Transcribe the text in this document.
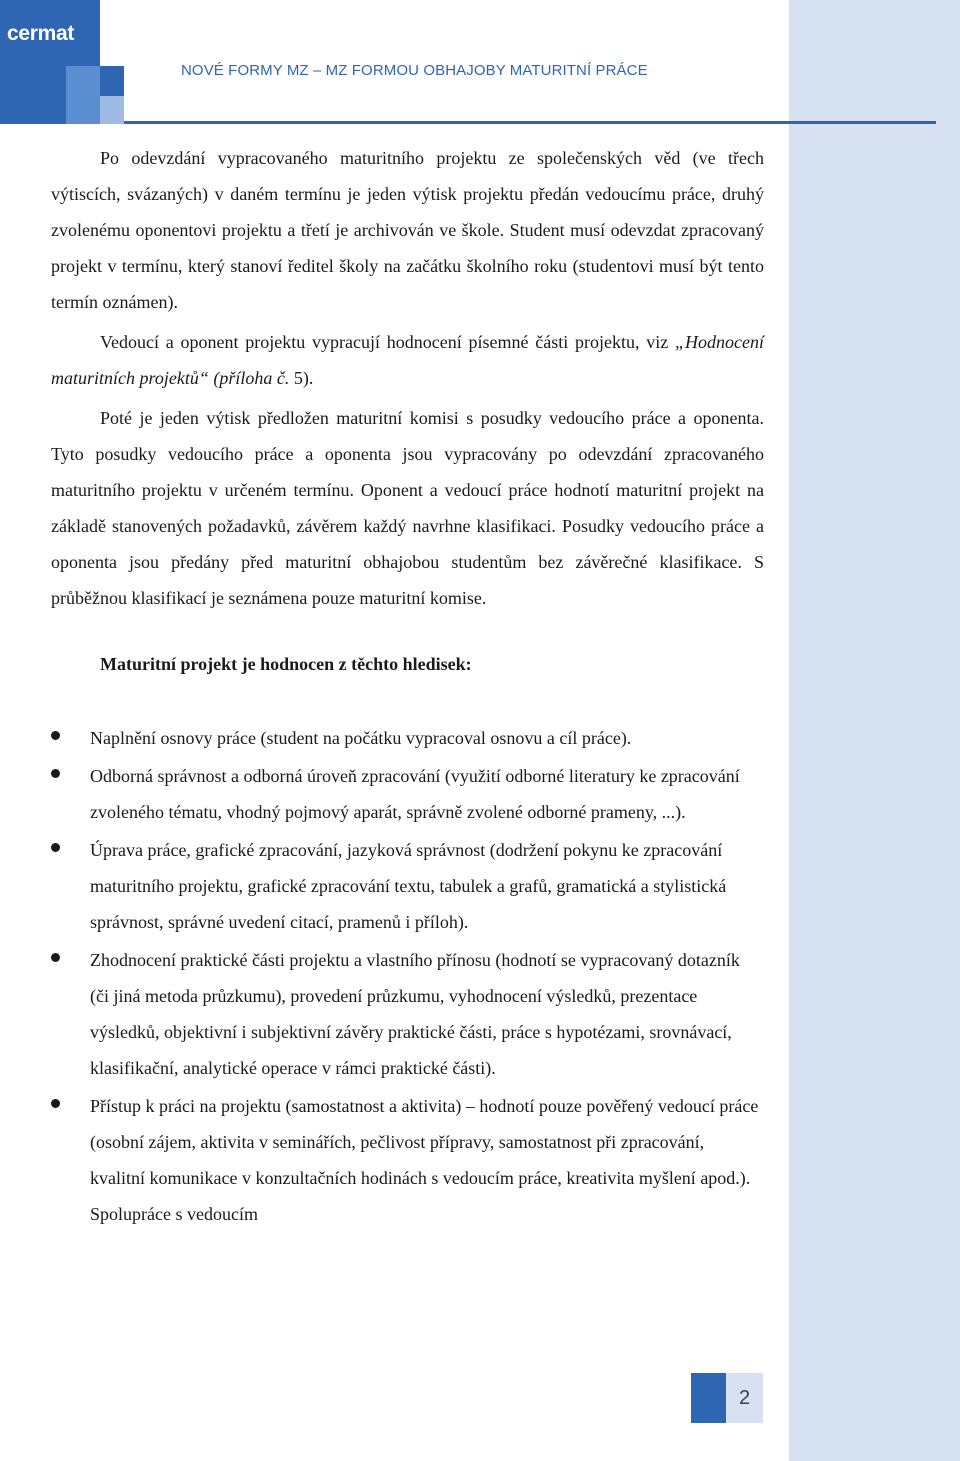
cermat
NOVÉ FORMY MZ – MZ FORMOU OBHAJOBY MATURITNÍ PRÁCE

Po odevzdání vypracovaného maturitního projektu ze společenských věd (ve třech výtiscích, svázaných) v daném termínu je jeden výtisk projektu předán vedoucímu práce, druhý zvolenému oponentovi projektu a třetí je archivován ve škole. Student musí odevzdat zpracovaný projekt v termínu, který stanoví ředitel školy na začátku školního roku (studentovi musí být tento termín oznámen).

Vedoucí a oponent projektu vypracují hodnocení písemné části projektu, viz „Hodnocení maturitních projektů“ (příloha č. 5).

Poté je jeden výtisk předložen maturitní komisi s posudky vedoucího práce a oponenta. Tyto posudky vedoucího práce a oponenta jsou vypracovány po odevzdání zpracovaného maturitního projektu v určeném termínu. Oponent a vedoucí práce hodnotí maturitní projekt na základě stanovených požadavků, závěrem každý navrhne klasifikaci. Posudky vedoucího práce a oponenta jsou předány před maturitní obhajobou studentům bez závěrečné klasifikace. S průběžnou klasifikací je seznámena pouze maturitní komise.

Maturitní projekt je hodnocen z těchto hledisek:

Naplnění osnovy práce (student na počátku vypracoval osnovu a cíl práce).
Odborná správnost a odborná úroveň zpracování (využití odborné literatury ke zpracování zvoleného tématu, vhodný pojmový aparát, správně zvolené odborné prameny, ...).
Úprava práce, grafické zpracování, jazyková správnost (dodržení pokynu ke zpracování maturitního projektu, grafické zpracování textu, tabulek a grafů, gramatická a stylistická správnost, správné uvedení citací, pramenů i příloh).
Zhodnocení praktické části projektu a vlastního přínosu (hodnotí se vypracovaný dotazník (či jiná metoda průzkumu), provedení průzkumu, vyhodnocení výsledků, prezentace výsledků, objektivní i subjektivní závěry praktické části, práce s hypotézami, srovnávací, klasifikační, analytické operace v rámci praktické části).
Přístup k práci na projektu (samostatnost a aktivita) – hodnotí pouze pověřený vedoucí práce (osobní zájem, aktivita v seminářích, pečlivost přípravy, samostatnost při zpracování, kvalitní komunikace v konzultačních hodinách s vedoucím práce, kreativita myšlení apod.). Spolupráce s vedoucím
2
